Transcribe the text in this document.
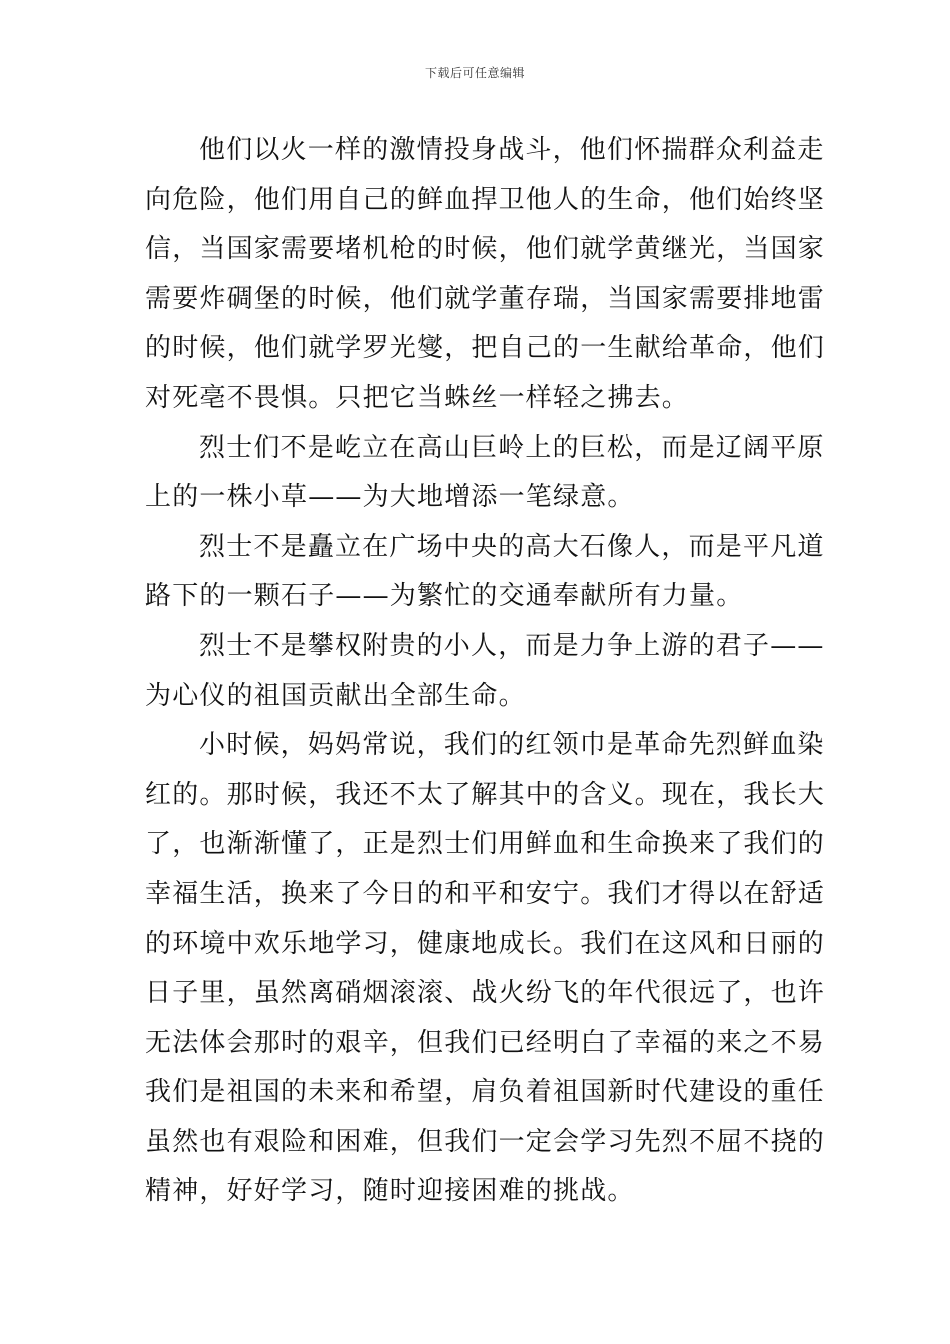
下载后可任意编辑
他们以火一样的激情投身战斗，他们怀揣群众利益走
向危险，他们用自己的鲜血捍卫他人的生命，他们始终坚
信，当国家需要堵机枪的时候，他们就学黄继光，当国家
需要炸碉堡的时候，他们就学董存瑞，当国家需要排地雷
的时候，他们就学罗光燮，把自己的一生献给革命，他们
对死亳不畏惧。只把它当蛛丝一样轻之拂去。
烈士们不是屹立在高山巨岭上的巨松，而是辽阔平原
上的一株小草——为大地增添一笔绿意。
烈士不是矗立在广场中央的高大石像人，而是平凡道
路下的一颗石子——为繁忙的交通奉献所有力量。
烈士不是攀权附贵的小人，而是力争上游的君子——
为心仪的祖国贡献出全部生命。
小时候，妈妈常说，我们的红领巾是革命先烈鲜血染
红的。那时候，我还不太了解其中的含义。现在，我长大
了，也渐渐懂了，正是烈士们用鲜血和生命换来了我们的
幸福生活，换来了今日的和平和安宁。我们才得以在舒适
的环境中欢乐地学习，健康地成长。我们在这风和日丽的
日子里，虽然离硝烟滚滚、战火纷飞的年代很远了，也许
无法体会那时的艰辛，但我们已经明白了幸福的来之不易
我们是祖国的未来和希望，肩负着祖国新时代建设的重任
虽然也有艰险和困难，但我们一定会学习先烈不屈不挠的
精神，好好学习，随时迎接困难的挑战。
